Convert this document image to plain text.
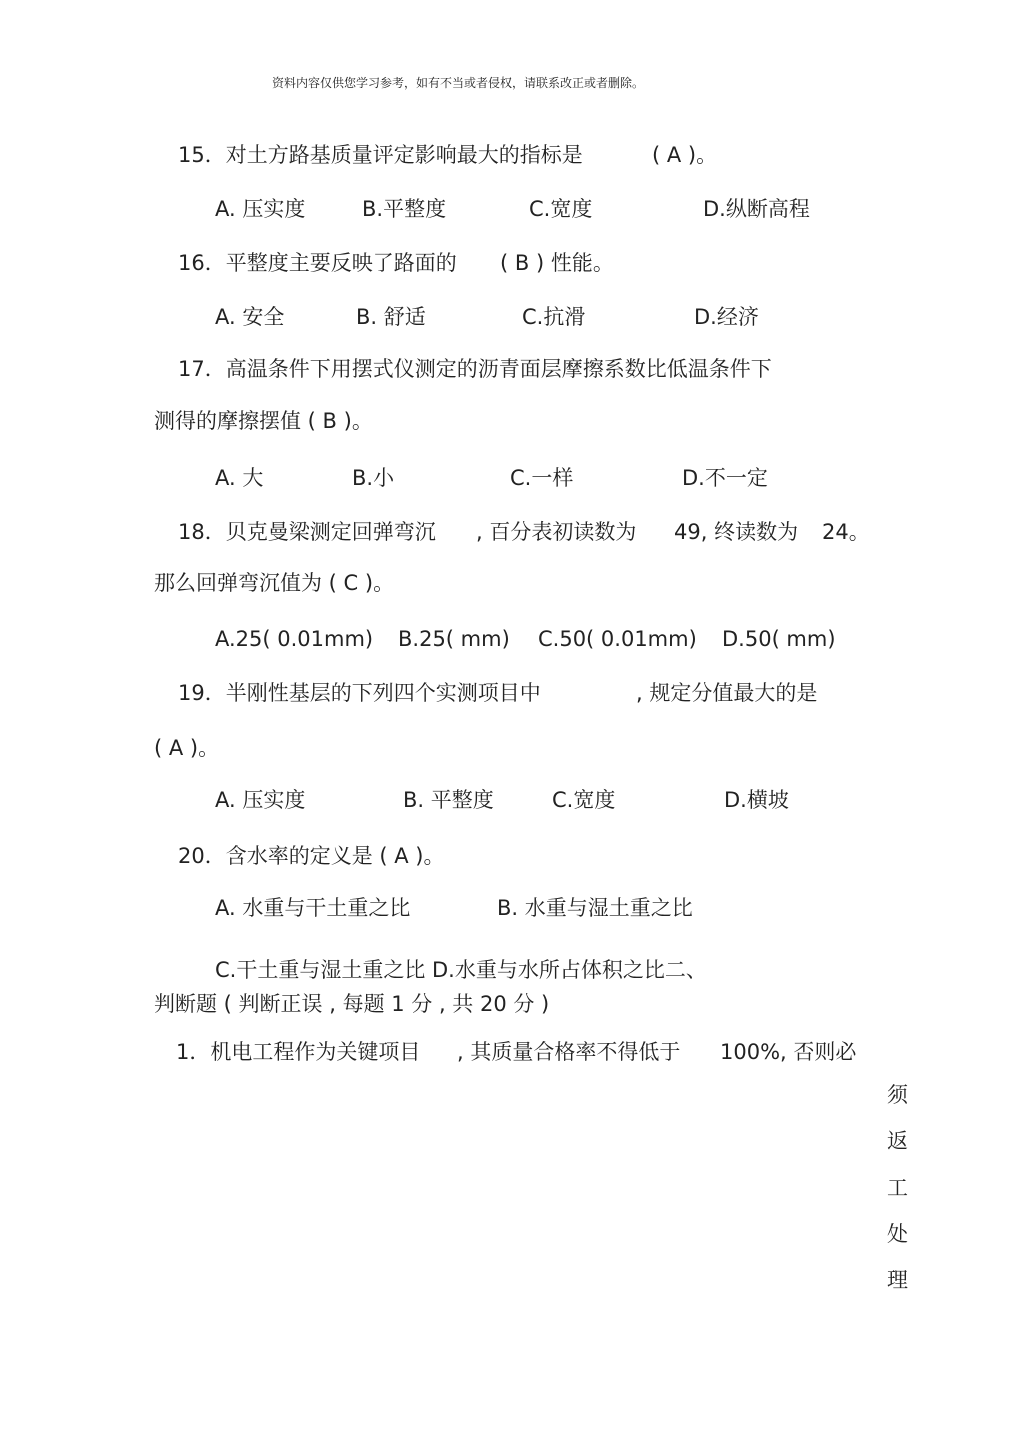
资料内容仅供您学习参考，如有不当或者侵权，请联系改正或者删除。
15．对土方路基质量评定影响最大的指标是	( A )。
A. 压实度	B.平整度	C.宽度	D.纵断高程
16．平整度主要反映了路面的 ( B ) 性能。
A. 安全	B. 舒适	C.抗滑	D.经济
17．高温条件下用摆式仪测定的沥青面层摩擦系数比低温条件下
测得的摩擦摆值 ( B )。
A. 大	B.小	C.一样	D.不一定
18．贝克曼梁测定回弹弯沉 , 百分表初读数为 49, 终读数为 24。
那么回弹弯沉值为 ( C )。
A.25( 0.01mm) B.25( mm) C.50( 0.01mm) D.50( mm)
19．半刚性基层的下列四个实测项目中	, 规定分值最大的是
( A )。
A. 压实度	B. 平整度	C.宽度	D.横坡
20．含水率的定义是 ( A )。
A. 水重与干土重之比	B. 水重与湿土重之比
C.干土重与湿土重之比 D.水重与水所占体积之比二、
判断题 ( 判断正误 , 每题 1 分 , 共 20 分 )
1．机电工程作为关键项目 , 其质量合格率不得低于 100%, 否则必
须
返
工
处
理
